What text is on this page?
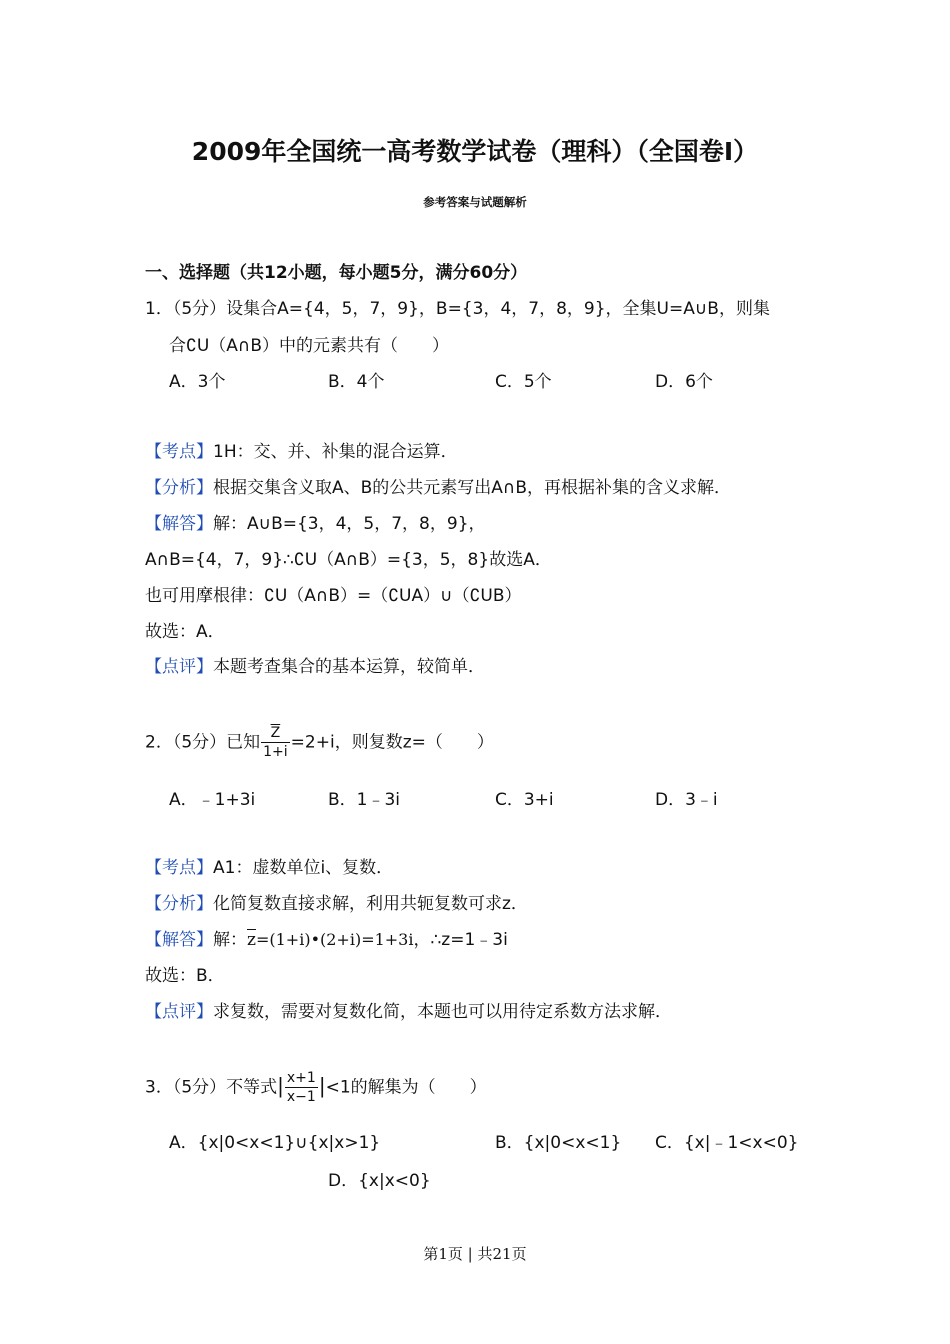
2009年全国统一高考数学试卷（理科）（全国卷Ⅰ）
参考答案与试题解析
一、选择题（共12小题，每小题5分，满分60分）
1．（5分）设集合A={4，5，7，9}，B={3，4，7，8，9}，全集U=A∪B，则集
合∁U（A∩B）中的元素共有（　　）
A．3个	B．4个	C．5个	D．6个
【考点】1H：交、并、补集的混合运算．
【分析】根据交集含义取A、B的公共元素写出A∩B，再根据补集的含义求解．
【解答】解：A∪B={3，4，5，7，8，9}，
A∩B={4，7，9}∴∁U（A∩B）={3，5，8}故选A．
也可用摩根律：∁U（A∩B）=（∁UA）∪（∁UB）
故选：A．
【点评】本题考查集合的基本运算，较简单．
2．（5分）已知 $\frac{\overline{Z}}{1+i} =2+i$，则复数z=（　　）
A．﹣1+3i	B．1﹣3i	C．3+i	D．3﹣i
【考点】A1：虚数单位i、复数．
【分析】化简复数直接求解，利用共轭复数可求z．
【解答】解：$\overline{z}=(1+i)•(2+i)=1+3i$，∴z=1﹣3i
故选：B．
【点评】求复数，需要对复数化简，本题也可以用待定系数方法求解．
3．（5分）不等式| $\frac{x+1}{x-1} |<1$的解集为（　　）
A．{x|0<x<1}∪{x|x>1}	B．{x|0<x<1} C．{x|﹣1<x<0}
D．{x|x<0}
第1页 | 共21页
